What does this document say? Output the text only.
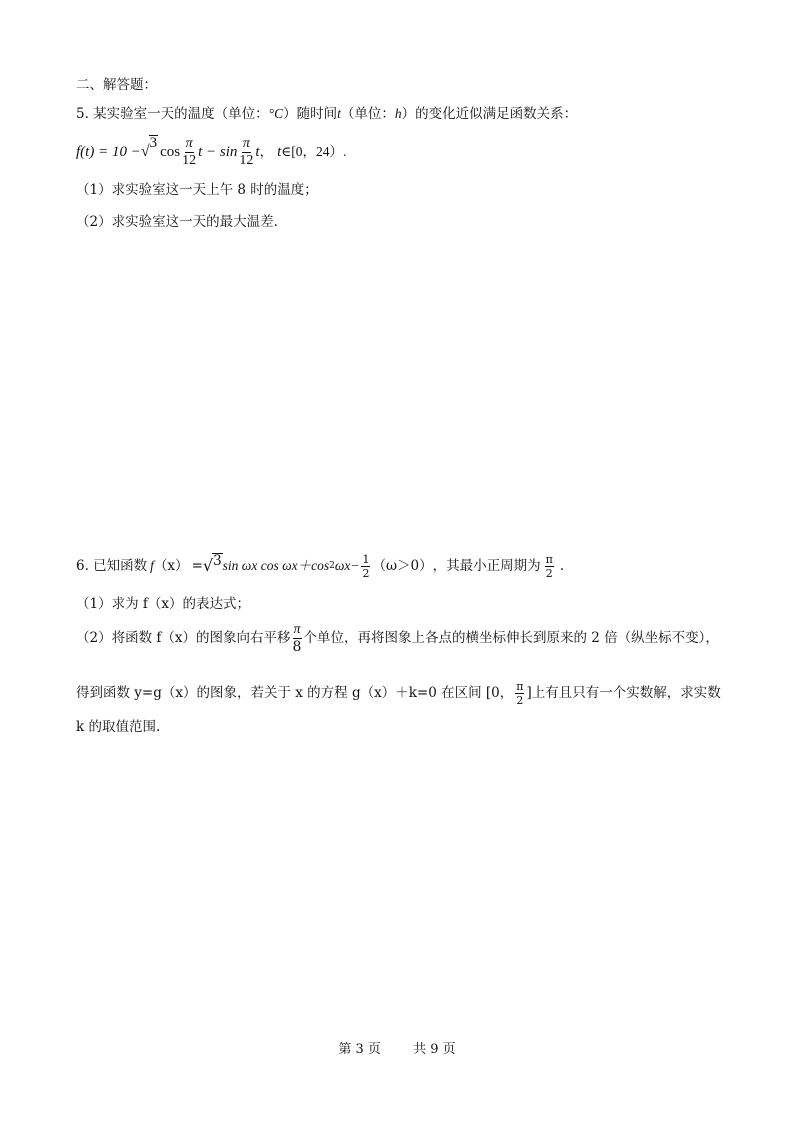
二、解答题：
5. 某实验室一天的温度（单位：°C）随时间t（单位：h）的变化近似满足函数关系：
f(t) = 10 − √ 3
$\cos \frac{\pi}{12}$ $t - \sin \frac{\pi}{12}$ t ， t ∈[0，24）.
（1）求实验室这一天上午 8 时的温度；
（2）求实验室这一天的最大温差.
6. 已知函数 f （x） = √ 3 sin ωx cos ωx＋cos 2 $\omega x- \frac{1}{2} (\omega>0)$ ，其最小正周期为 $\frac{\pi}{2}$ .
（1）求为 f（x）的表达式；
（2）将函数 f（x）的图象向右平移 $\frac{\pi}{8}$ 个单位，再将图象上各点的横坐标伸长到原来的 2 倍（纵坐标不变），
得到函数 y=g（x）的图象，若关于 x 的方程 g（x）＋k=0 在区间 [0， $\frac{\pi}{2}$ ]上有且只有一个实数解，求实数
k 的取值范围.
第 3 页 共 9 页
